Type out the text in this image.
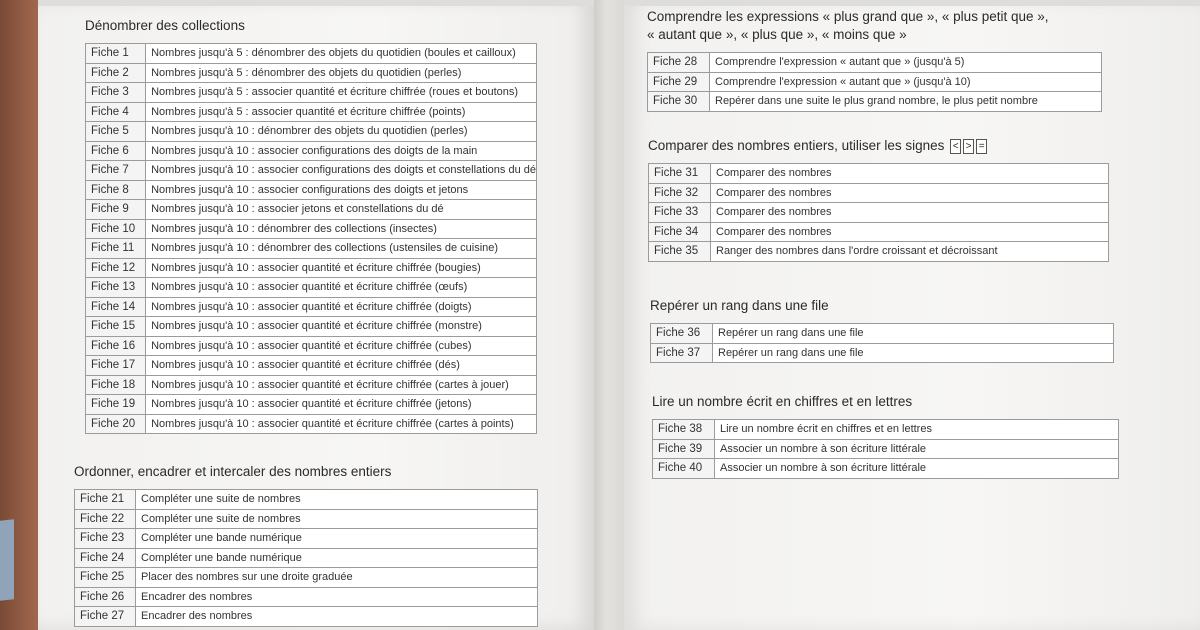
Dénombrer des collections
Fiche 1	Nombres jusqu'à 5 : dénombrer des objets du quotidien (boules et cailloux)
Fiche 2	Nombres jusqu'à 5 : dénombrer des objets du quotidien (perles)
Fiche 3	Nombres jusqu'à 5 : associer quantité et écriture chiffrée (roues et boutons)
Fiche 4	Nombres jusqu'à 5 : associer quantité et écriture chiffrée (points)
Fiche 5	Nombres jusqu'à 10 : dénombrer des objets du quotidien (perles)
Fiche 6	Nombres jusqu'à 10 : associer configurations des doigts de la main
Fiche 7	Nombres jusqu'à 10 : associer configurations des doigts et constellations du dé
Fiche 8	Nombres jusqu'à 10 : associer configurations des doigts et jetons
Fiche 9	Nombres jusqu'à 10 : associer jetons et constellations du dé
Fiche 10	Nombres jusqu'à 10 : dénombrer des collections (insectes)
Fiche 11	Nombres jusqu'à 10 : dénombrer des collections (ustensiles de cuisine)
Fiche 12	Nombres jusqu'à 10 : associer quantité et écriture chiffrée (bougies)
Fiche 13	Nombres jusqu'à 10 : associer quantité et écriture chiffrée (œufs)
Fiche 14	Nombres jusqu'à 10 : associer quantité et écriture chiffrée (doigts)
Fiche 15	Nombres jusqu'à 10 : associer quantité et écriture chiffrée (monstre)
Fiche 16	Nombres jusqu'à 10 : associer quantité et écriture chiffrée (cubes)
Fiche 17	Nombres jusqu'à 10 : associer quantité et écriture chiffrée (dés)
Fiche 18	Nombres jusqu'à 10 : associer quantité et écriture chiffrée (cartes à jouer)
Fiche 19	Nombres jusqu'à 10 : associer quantité et écriture chiffrée (jetons)
Fiche 20	Nombres jusqu'à 10 : associer quantité et écriture chiffrée (cartes à points)
Ordonner, encadrer et intercaler des nombres entiers
Fiche 21	Compléter une suite de nombres
Fiche 22	Compléter une suite de nombres
Fiche 23	Compléter une bande numérique
Fiche 24	Compléter une bande numérique
Fiche 25	Placer des nombres sur une droite graduée
Fiche 26	Encadrer des nombres
Fiche 27	Encadrer des nombres
Comprendre les expressions « plus grand que », « plus petit que »,
« autant que », « plus que », « moins que »
Fiche 28	Comprendre l'expression « autant que » (jusqu'à 5)
Fiche 29	Comprendre l'expression « autant que » (jusqu'à 10)
Fiche 30	Repérer dans une suite le plus grand nombre, le plus petit nombre
Comparer des nombres entiers, utiliser les signes < > =
Fiche 31	Comparer des nombres
Fiche 32	Comparer des nombres
Fiche 33	Comparer des nombres
Fiche 34	Comparer des nombres
Fiche 35	Ranger des nombres dans l'ordre croissant et décroissant
Repérer un rang dans une file
Fiche 36	Repérer un rang dans une file
Fiche 37	Repérer un rang dans une file
Lire un nombre écrit en chiffres et en lettres
Fiche 38	Lire un nombre écrit en chiffres et en lettres
Fiche 39	Associer un nombre à son écriture littérale
Fiche 40	Associer un nombre à son écriture littérale
